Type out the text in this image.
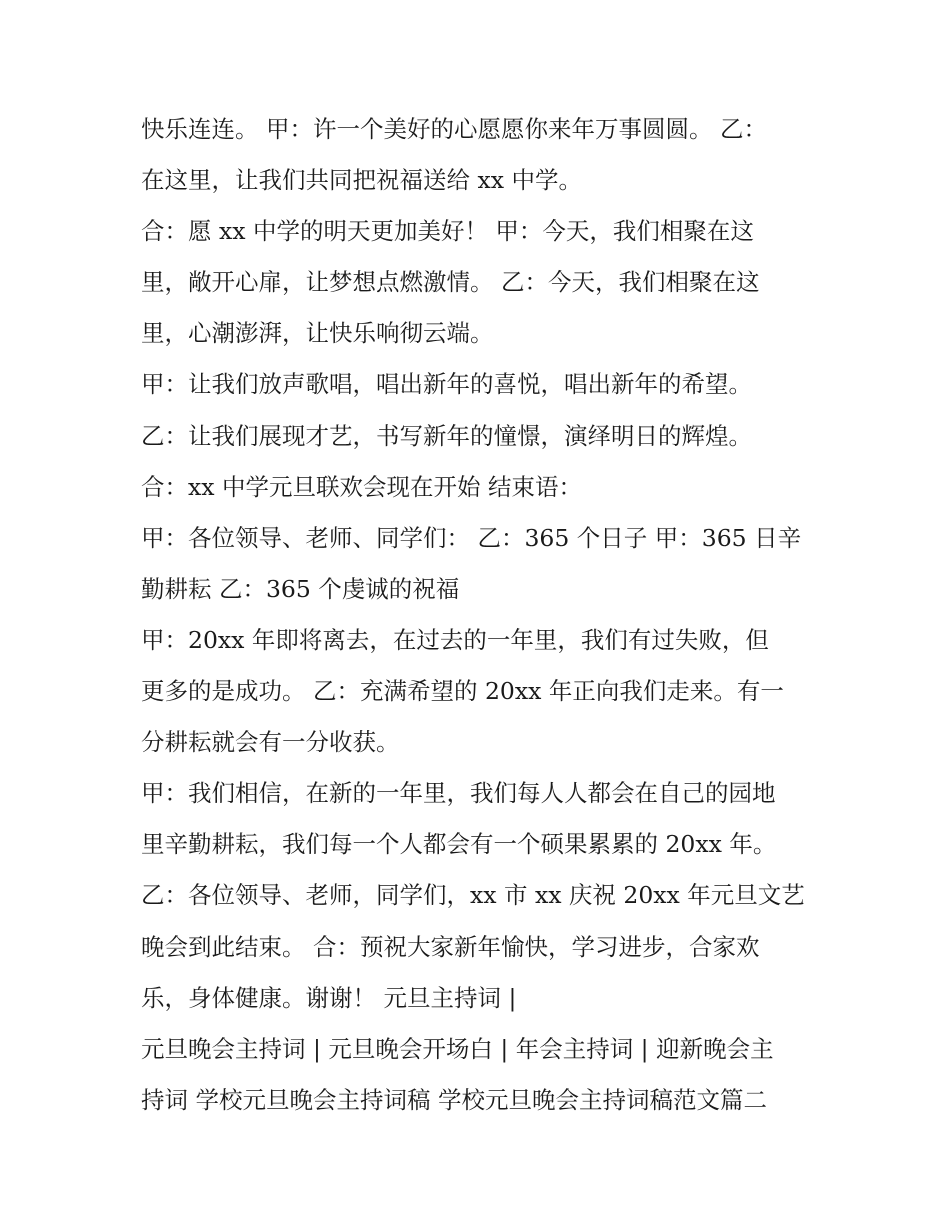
快乐连连。 甲：许一个美好的心愿愿你来年万事圆圆。 乙：
在这里，让我们共同把祝福送给 xx 中学。
合：愿 xx 中学的明天更加美好！ 甲：今天，我们相聚在这
里，敞开心扉，让梦想点燃激情。 乙：今天，我们相聚在这
里，心潮澎湃，让快乐响彻云端。
甲：让我们放声歌唱，唱出新年的喜悦，唱出新年的希望。
乙：让我们展现才艺，书写新年的憧憬，演绎明日的辉煌。
合：xx 中学元旦联欢会现在开始 结束语：
甲：各位领导、老师、同学们： 乙：365 个日子 甲：365 日辛
勤耕耘 乙：365 个虔诚的祝福
甲：20xx 年即将离去，在过去的一年里，我们有过失败，但
更多的是成功。 乙：充满希望的 20xx 年正向我们走来。有一
分耕耘就会有一分收获。
甲：我们相信，在新的一年里，我们每人人都会在自己的园地
里辛勤耕耘，我们每一个人都会有一个硕果累累的 20xx 年。
乙：各位领导、老师，同学们，xx 市 xx 庆祝 20xx 年元旦文艺
晚会到此结束。 合：预祝大家新年愉快，学习进步，合家欢
乐，身体健康。谢谢！ 元旦主持词 |
元旦晚会主持词 | 元旦晚会开场白 | 年会主持词 | 迎新晚会主
持词 学校元旦晚会主持词稿 学校元旦晚会主持词稿范文篇二
